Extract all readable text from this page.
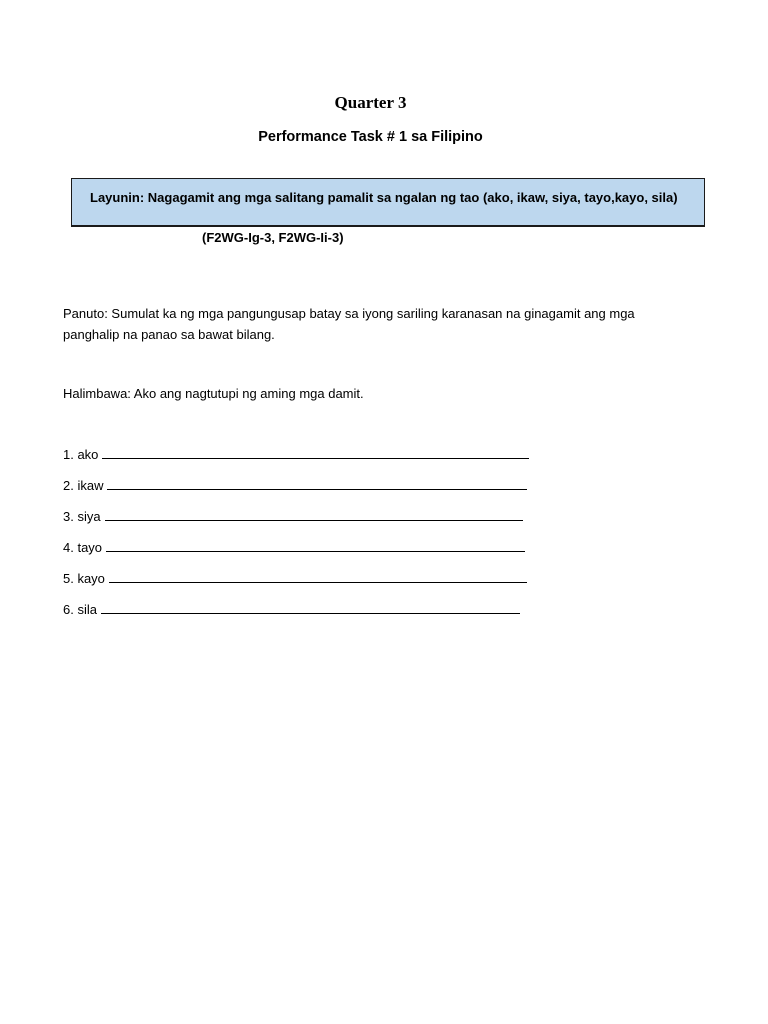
Quarter 3
Performance Task # 1 sa Filipino
Layunin: Nagagamit ang mga salitang pamalit sa ngalan ng tao (ako, ikaw, siya, tayo,kayo, sila)
(F2WG-Ig-3, F2WG-Ii-3)
Panuto: Sumulat ka ng mga pangungusap batay sa iyong sariling karanasan na ginagamit ang mga panghalip na panao sa bawat bilang.
Halimbawa: Ako ang nagtutupi ng aming mga damit.
1. ako
2. ikaw
3. siya
4. tayo
5. kayo
6. sila
